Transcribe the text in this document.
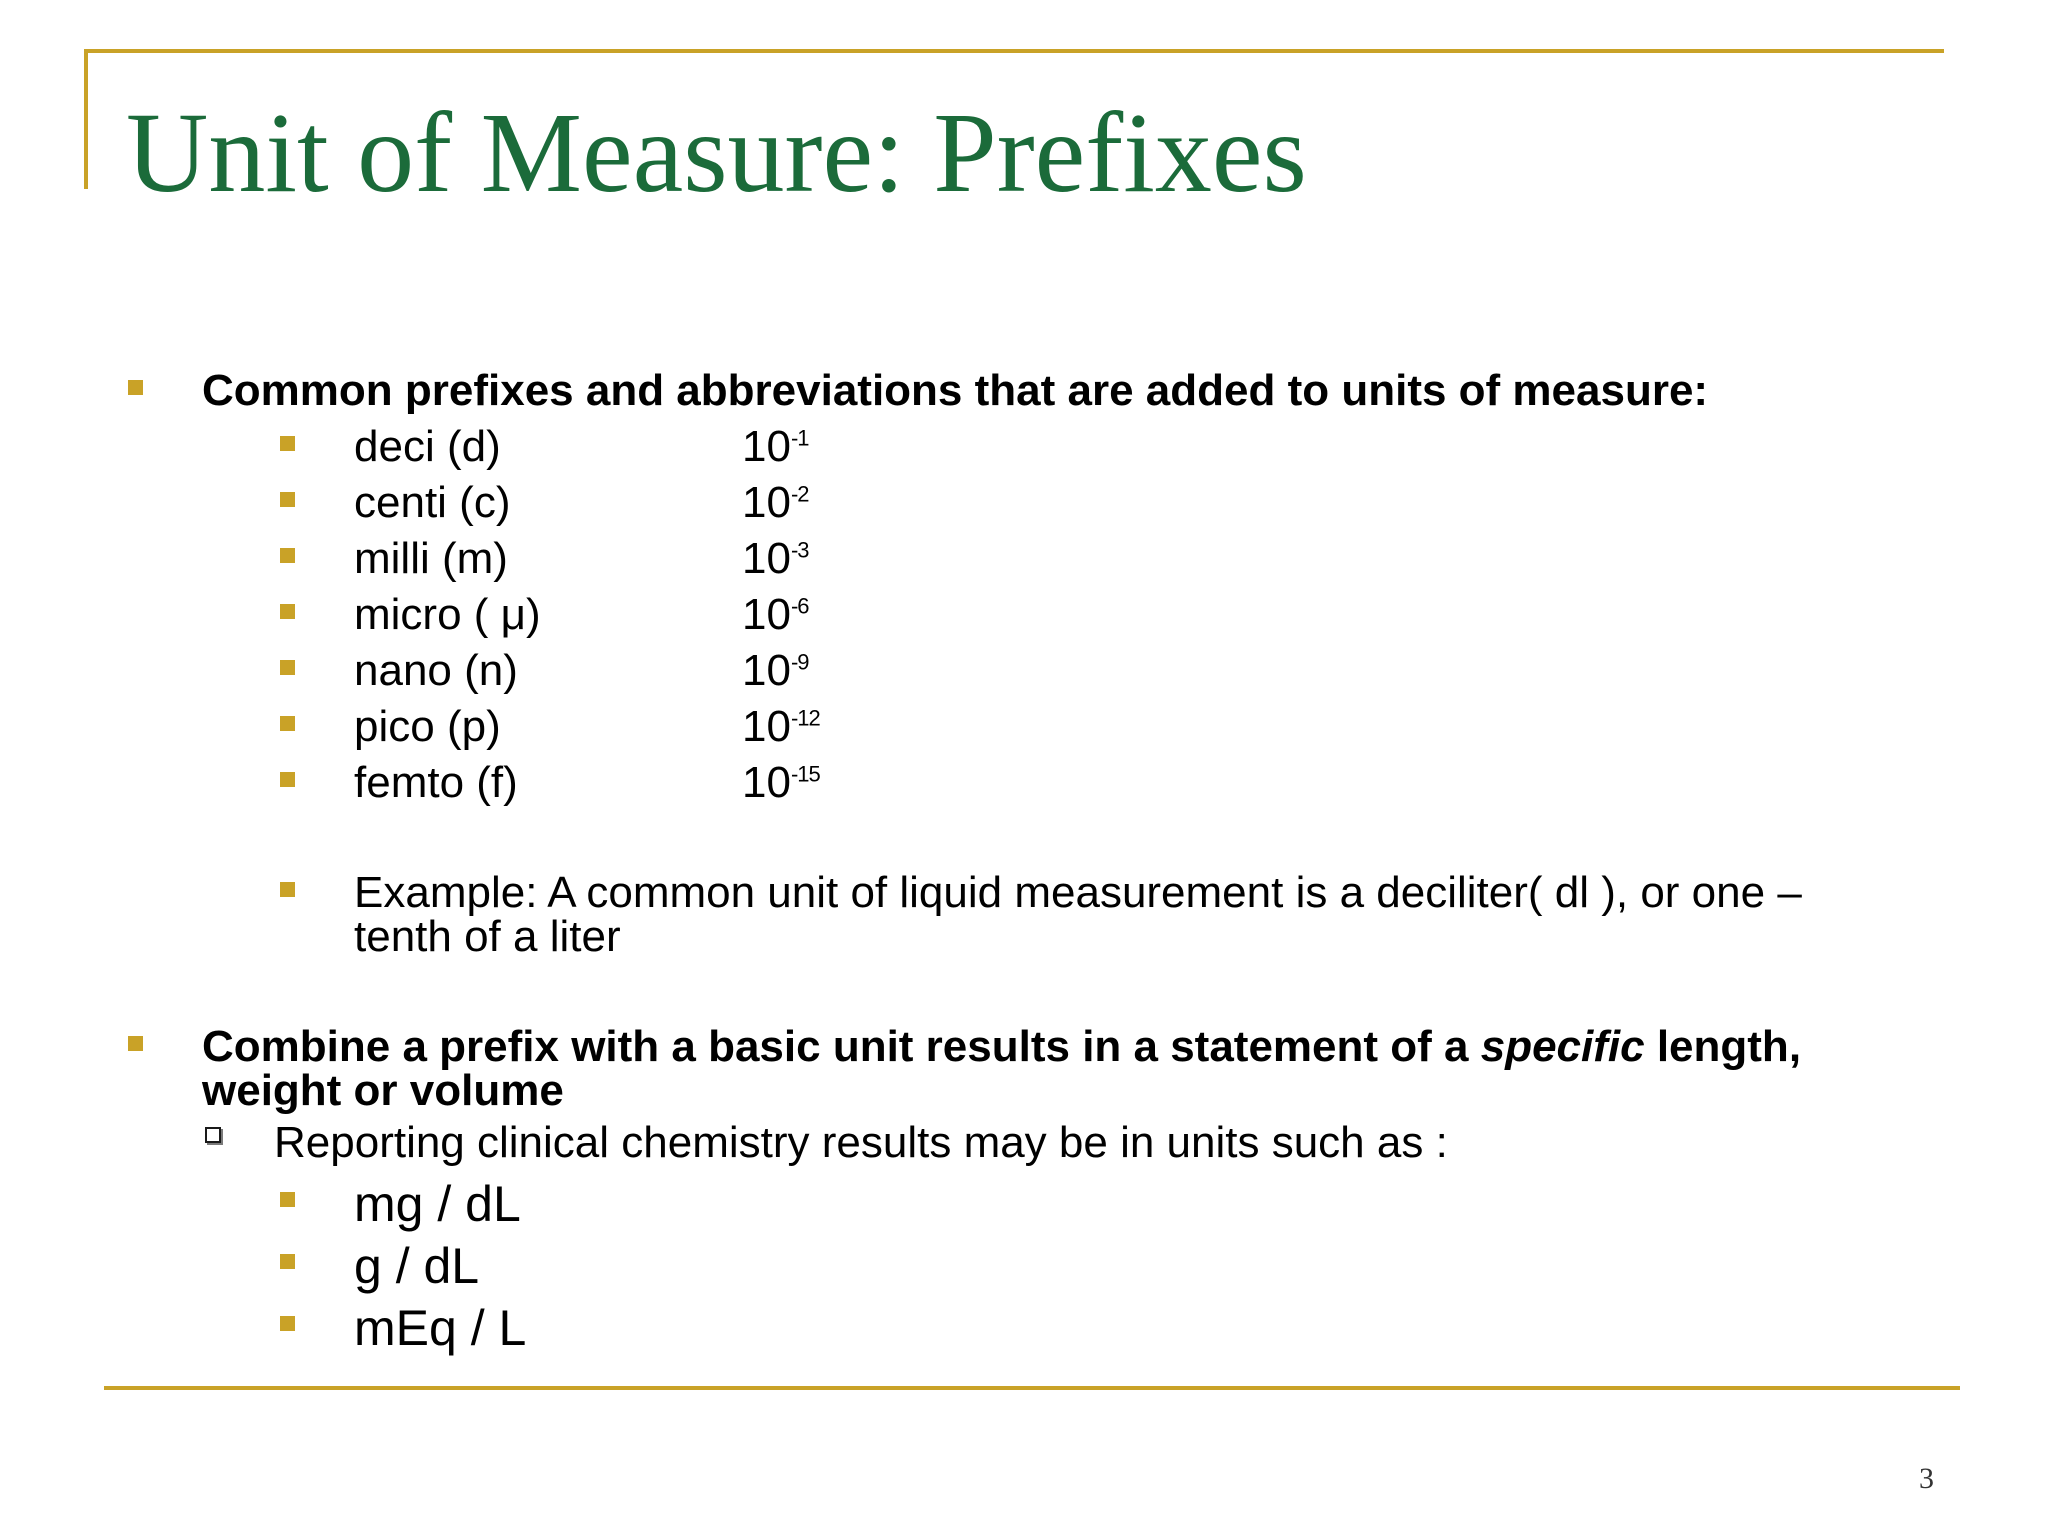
Unit of Measure: Prefixes
Common prefixes and abbreviations that are added to units of measure:
deci (d)	$10^{-1}$
centi (c)	$10^{-2}$
milli (m)	$10^{-3}$
micro ( μ)	$10^{-6}$
nano (n)	$10^{-9}$
pico (p)	$10^{-12}$
femto (f)	$10^{-15}$
Example: A common unit of liquid measurement is a deciliter( dl ), or one –
tenth of a liter
Combine a prefix with a basic unit results in a statement of a specific length,
weight or volume
Reporting clinical chemistry results may be in units such as :
mg / dL
g / dL
mEq / L
3
